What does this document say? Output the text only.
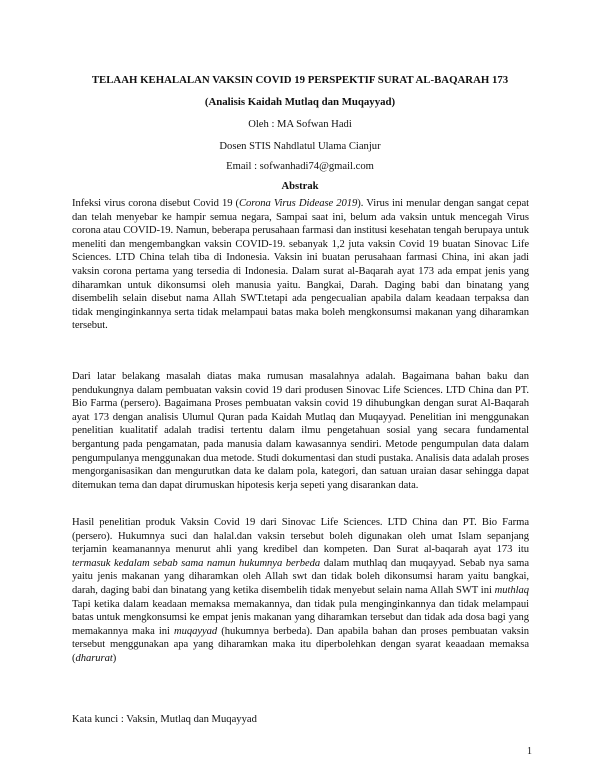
TELAAH KEHALALAN VAKSIN COVID 19 PERSPEKTIF SURAT AL-BAQARAH 173
(Analisis Kaidah Mutlaq dan Muqayyad)
Oleh : MA Sofwan Hadi
Dosen STIS Nahdlatul Ulama Cianjur
Email : sofwanhadi74@gmail.com
Abstrak

Infeksi virus corona disebut Covid 19 (Corona Virus Didease 2019). Virus ini menular dengan sangat cepat dan telah menyebar ke hampir semua negara, Sampai saat ini, belum ada vaksin untuk mencegah Virus corona atau COVID-19. Namun, beberapa perusahaan farmasi dan institusi kesehatan tengah berupaya untuk meneliti dan mengembangkan vaksin COVID-19. sebanyak 1,2 juta vaksin Covid 19 buatan Sinovac Life Sciences. LTD China telah tiba di Indonesia. Vaksin ini buatan perusahaan farmasi China, ini akan jadi vaksin corona pertama yang tersedia di Indonesia. Dalam surat al-Baqarah ayat 173 ada empat jenis yang diharamkan untuk dikonsumsi oleh manusia yaitu. Bangkai, Darah. Daging babi dan binatang yang disembelih selain disebut nama Allah SWT.tetapi ada pengecualian apabila dalam keadaan terpaksa dan tidak menginginkannya serta tidak melampaui batas maka boleh mengkonsumsi makanan yang diharamkan tersebut.

Dari latar belakang masalah diatas maka rumusan masalahnya adalah. Bagaimana bahan baku dan pendukungnya dalam pembuatan vaksin covid 19 dari produsen Sinovac Life Sciences. LTD China dan PT. Bio Farma (persero). Bagaimana Proses pembuatan vaksin covid 19 dihubungkan dengan surat Al-Baqarah ayat 173 dengan analisis Ulumul Quran pada Kaidah Mutlaq dan Muqayyad. Penelitian ini menggunakan penelitian kualitatif adalah tradisi tertentu dalam ilmu pengetahuan sosial yang secara fundamental bergantung pada pengamatan, pada manusia dalam kawasannya sendiri. Metode pengumpulan data dalam pengumpulanya menggunakan dua metode. Studi dokumentasi dan studi pustaka. Analisis data adalah proses mengorganisasikan dan mengurutkan data ke dalam pola, kategori, dan satuan uraian dasar sehingga dapat ditemukan tema dan dapat dirumuskan hipotesis kerja sepeti yang disarankan data.

Hasil penelitian produk Vaksin Covid 19 dari Sinovac Life Sciences. LTD China dan PT. Bio Farma (persero). Hukumnya suci dan halal.dan vaksin tersebut boleh digunakan oleh umat Islam sepanjang terjamin keamanannya menurut ahli yang kredibel dan kompeten. Dan Surat al-baqarah ayat 173 itu termasuk kedalam sebab sama namun hukumnya berbeda dalam muthlaq dan muqayyad. Sebab nya sama yaitu jenis makanan yang diharamkan oleh Allah swt dan tidak boleh dikonsumsi haram yaitu bangkai, darah, daging babi dan binatang yang ketika disembelih tidak menyebut selain nama Allah SWT ini muthlaq Tapi ketika dalam keadaan memaksa memakannya, dan tidak pula menginginkannya dan tidak melampaui batas untuk mengkonsumsi ke empat jenis makanan yang diharamkan tersebut dan tidak ada dosa bagi yang memakannya maka ini muqayyad (hukumnya berbeda). Dan apabila bahan dan proses pembuatan vaksin tersebut menggunakan apa yang diharamkan maka itu diperbolehkan dengan syarat keaadaan memaksa (dharurat)

Kata kunci : Vaksin, Mutlaq dan Muqayyad
1
